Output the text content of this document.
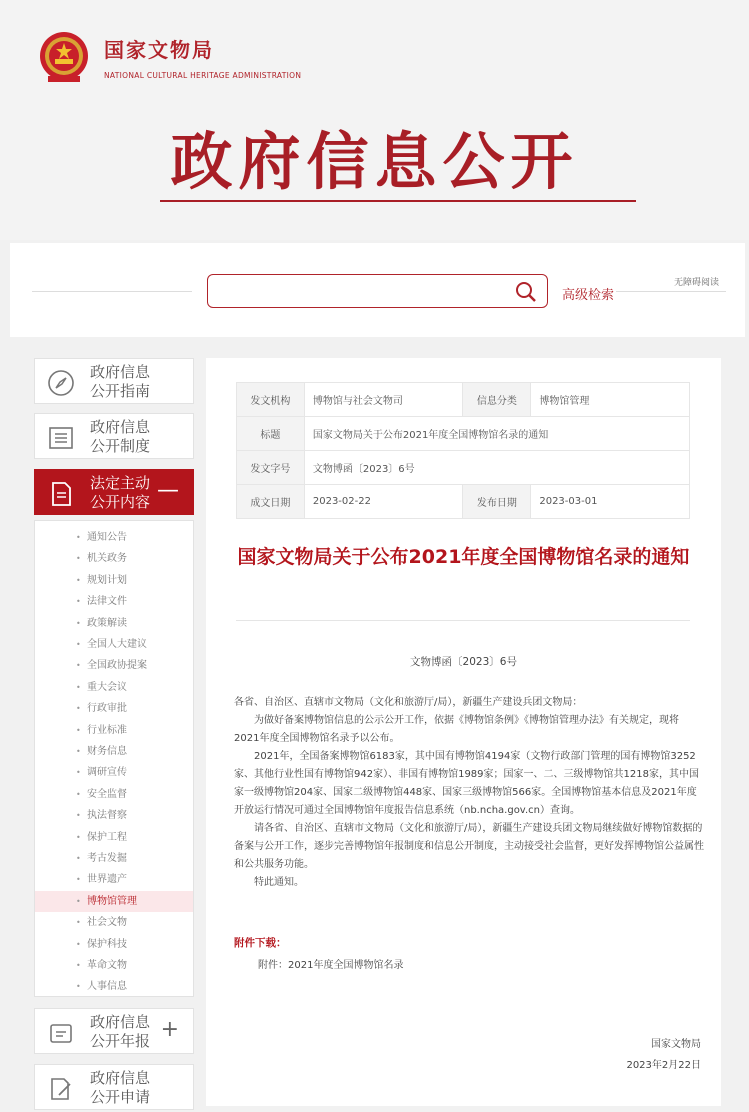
国家文物局
NATIONAL CULTURAL HERITAGE ADMINISTRATION
政府信息公开
高级检索
无障碍阅读
政府信息
公开指南
政府信息
公开制度
法定主动
公开内容 —
• 通知公告
• 机关政务
• 规划计划
• 法律文件
• 政策解读
• 全国人大建议
• 全国政协提案
• 重大会议
• 行政审批
• 行业标准
• 财务信息
• 调研宣传
• 安全监督
• 执法督察
• 保护工程
• 考古发掘
• 世界遗产
• 博物馆管理
• 社会文物
• 保护科技
• 革命文物
• 人事信息
政府信息
公开年报 +
政府信息
公开申请
发文机构	博物馆与社会文物司	信息分类	博物馆管理
标题	国家文物局关于公布2021年度全国博物馆名录的通知		
发文字号	文物博函〔2023〕6号		
成文日期	2023-02-22	发布日期	2023-03-01
国家文物局关于公布2021年度全国博物馆名录的通知
文物博函〔2023〕6号

各省、自治区、直辖市文物局（文化和旅游厅/局），新疆生产建设兵团文物局：

为做好备案博物馆信息的公示公开工作，依据《博物馆条例》《博物馆管理办法》有关规定，现将2021年度全国博物馆名录予以公布。

2021年，全国备案博物馆6183家，其中国有博物馆4194家（文物行政部门管理的国有博物馆3252家、其他行业性国有博物馆942家）、非国有博物馆1989家；国家一、二、三级博物馆共1218家，其中国家一级博物馆204家、国家二级博物馆448家、国家三级博物馆566家。全国博物馆基本信息及2021年度开放运行情况可通过全国博物馆年度报告信息系统（nb.ncha.gov.cn）查询。

请各省、自治区、直辖市文物局（文化和旅游厅/局），新疆生产建设兵团文物局继续做好博物馆数据的备案与公开工作，逐步完善博物馆年报制度和信息公开制度，主动接受社会监督，更好发挥博物馆公益属性和公共服务功能。

特此通知。

附件下载：
附件：2021年度全国博物馆名录
国家文物局
2023年2月22日
